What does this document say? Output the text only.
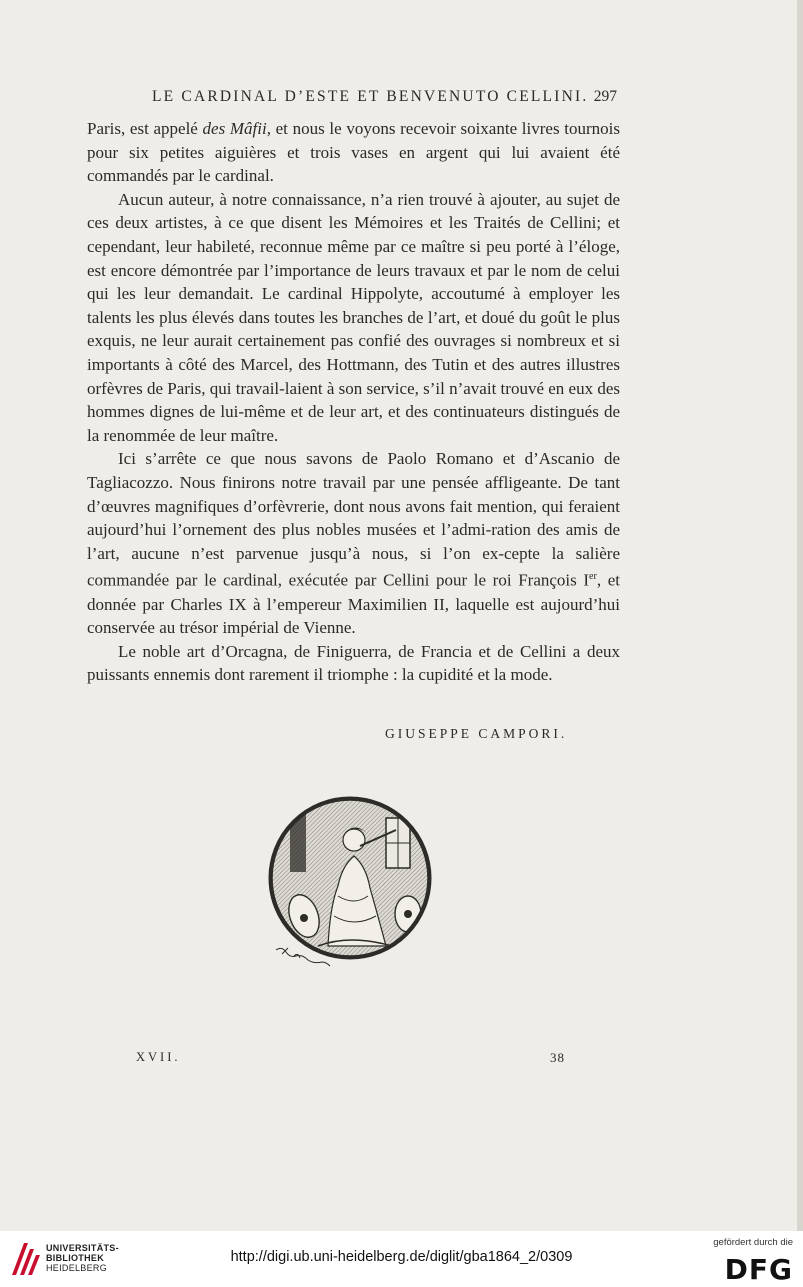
LE CARDINAL D’ESTE ET BENVENUTO CELLINI. 297

Paris, est appelé des Mâfii, et nous le voyons recevoir soixante livres tournois pour six petites aiguières et trois vases en argent qui lui avaient été commandés par le cardinal.

Aucun auteur, à notre connaissance, n’a rien trouvé à ajouter, au sujet de ces deux artistes, à ce que disent les Mémoires et les Traités de Cellini; et cependant, leur habileté, reconnue même par ce maître si peu porté à l’éloge, est encore démontrée par l’importance de leurs travaux et par le nom de celui qui les leur demandait. Le cardinal Hippolyte, accoutumé à employer les talents les plus élevés dans toutes les branches de l’art, et doué du goût le plus exquis, ne leur aurait certainement pas confié des ouvrages si nombreux et si importants à côté des Marcel, des Hottmann, des Tutin et des autres illustres orfèvres de Paris, qui travail-laient à son service, s’il n’avait trouvé en eux des hommes dignes de lui-même et de leur art, et des continuateurs distingués de la renommée de leur maître.

Ici s’arrête ce que nous savons de Paolo Romano et d’Ascanio de Tagliacozzo. Nous finirons notre travail par une pensée affligeante. De tant d’œuvres magnifiques d’orfèvrerie, dont nous avons fait mention, qui feraient aujourd’hui l’ornement des plus nobles musées et l’admi-ration des amis de l’art, aucune n’est parvenue jusqu’à nous, si l’on ex-cepte la salière commandée par le cardinal, exécutée par Cellini pour le roi François Ier, et donnée par Charles IX à l’empereur Maximilien II, laquelle est aujourd’hui conservée au trésor impérial de Vienne.

Le noble art d’Orcagna, de Finiguerra, de Francia et de Cellini a deux puissants ennemis dont rarement il triomphe : la cupidité et la mode.

GIUSEPPE CAMPORI.
XVII.	38
UNIVERSITÄTS-
BIBLIOTHEK
HEIDELBERG
http://digi.ub.uni-heidelberg.de/diglit/gba1864_2/0309
gefördert durch die
DFG
